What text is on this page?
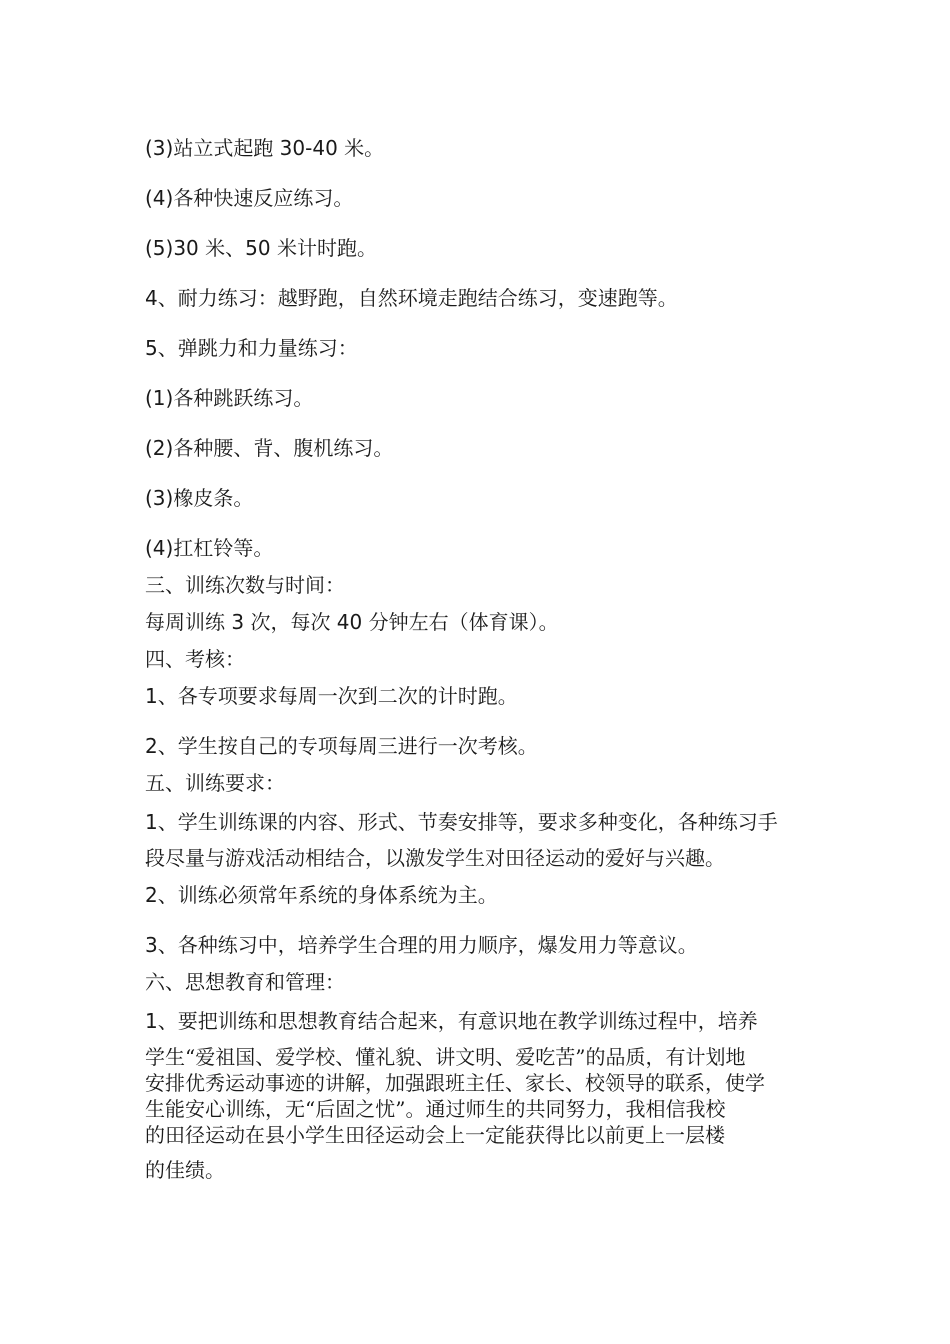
(3)站立式起跑 30-40 米。
(4)各种快速反应练习。
(5)30 米、50 米计时跑。
4、耐力练习：越野跑，自然环境走跑结合练习，变速跑等。
5、弹跳力和力量练习：
(1)各种跳跃练习。
(2)各种腰、背、腹机练习。
(3)橡皮条。
(4)扛杠铃等。
三、训练次数与时间：
每周训练 3 次，每次 40 分钟左右（体育课）。
四、考核：
1、各专项要求每周一次到二次的计时跑。
2、学生按自己的专项每周三进行一次考核。
五、训练要求：
1、学生训练课的内容、形式、节奏安排等，要求多种变化，各种练习手
段尽量与游戏活动相结合，以激发学生对田径运动的爱好与兴趣。
2、训练必须常年系统的身体系统为主。
3、各种练习中，培养学生合理的用力顺序，爆发用力等意议。
六、思想教育和管理：
1、要把训练和思想教育结合起来，有意识地在教学训练过程中，培养
学生“爱祖国、爱学校、懂礼貌、讲文明、爱吃苦”的品质，有计划地
安排优秀运动事迹的讲解，加强跟班主任、家长、校领导的联系，使学
生能安心训练，无“后固之忧”。通过师生的共同努力，我相信我校
的田径运动在县小学生田径运动会上一定能获得比以前更上一层楼
的佳绩。
